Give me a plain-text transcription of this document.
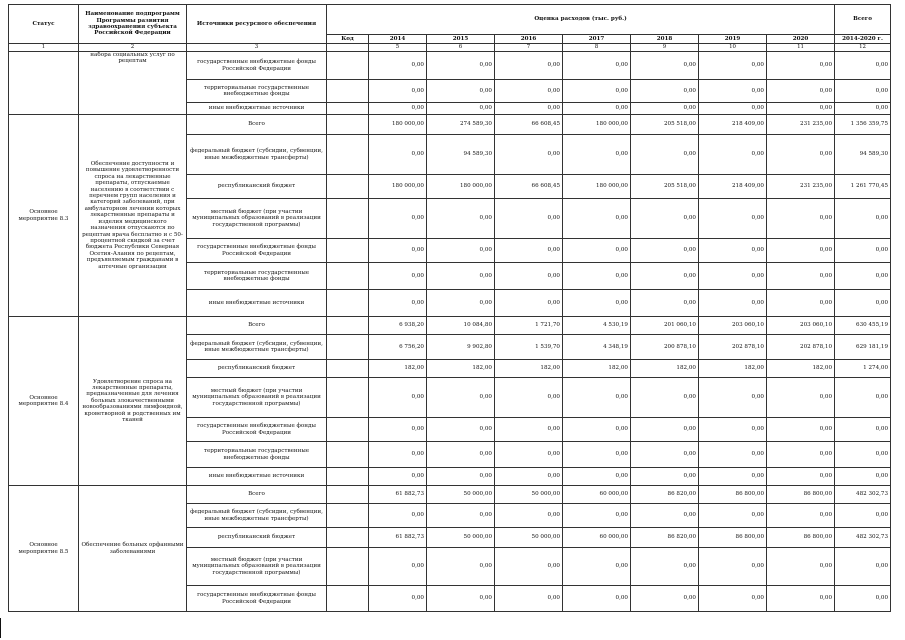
Статус	Наименование подпрограмм Программы развития здравоохранения субъекта Российской Федерации	Источники ресурсного обеспечения	Оценка расходов (тыс. руб.)								Всего
			Код	2014	2015	2016	2017	2018	2019	2020	2014-2020 г.
1	2	3		5	6	7	8	9	10	11	12
	набора социальных услуг по рецептам	государственные внебюджетные фонды Российской Федерации		0,00	0,00	0,00	0,00	0,00	0,00	0,00	0,00
		территориальные государственные внебюджетные фонды		0,00	0,00	0,00	0,00	0,00	0,00	0,00	0,00
		иные внебюджетные источники		0,00	0,00	0,00	0,00	0,00	0,00	0,00	0,00
Основное мероприятие 8.3	Обеспечение доступности и повышение удовлетворенности спроса на лекарственные препараты, отпускаемые населению в соответствии с перечнем групп населения и категорий заболеваний, при амбулаторном лечении которых лекарственные препараты и изделия медицинского назначения отпускаются по рецептам врача бесплатно и с 50-процентной скидкой за счет бюджета Республики Северная Осетия-Алания по рецептам, предъявляемым гражданами в аптечные организации	Всего		180 000,00	274 589,30	66 608,45	180 000,00	205 518,00	218 409,00	231 235,00	1 356 359,75
		федеральный бюджет (субсидии, субвенции, иные межбюджетные трансферты)		0,00	94 589,30	0,00	0,00	0,00	0,00	0,00	94 589,30
		республиканский бюджет		180 000,00	180 000,00	66 608,45	180 000,00	205 518,00	218 409,00	231 235,00	1 261 770,45
		местный бюджет (при участии муниципальных образований в реализации государственной программы)		0,00	0,00	0,00	0,00	0,00	0,00	0,00	0,00
		государственные внебюджетные фонды Российской Федерации		0,00	0,00	0,00	0,00	0,00	0,00	0,00	0,00
		территориальные государственные внебюджетные фонды		0,00	0,00	0,00	0,00	0,00	0,00	0,00	0,00
		иные внебюджетные источники		0,00	0,00	0,00	0,00	0,00	0,00	0,00	0,00
Основное мероприятие 8.4	Удовлетворение спроса на лекарственные препараты, предназначенные для лечения больных злокачественными новообразованиями лимфоидной, кроветворной и родственных им тканей	Всего		6 938,20	10 084,80	1 721,70	4 530,19	201 060,10	203 060,10	203 060,10	630 455,19
		федеральный бюджет (субсидии, субвенции, иные межбюджетные трансферты)		6 756,20	9 902,80	1 539,70	4 348,19	200 878,10	202 878,10	202 878,10	629 181,19
		республиканский бюджет		182,00	182,00	182,00	182,00	182,00	182,00	182,00	1 274,00
		местный бюджет (при участии муниципальных образований в реализации государственной программы)		0,00	0,00	0,00	0,00	0,00	0,00	0,00	0,00
		государственные внебюджетные фонды Российской Федерации		0,00	0,00	0,00	0,00	0,00	0,00	0,00	0,00
		территориальные государственные внебюджетные фонды		0,00	0,00	0,00	0,00	0,00	0,00	0,00	0,00
		иные внебюджетные источники		0,00	0,00	0,00	0,00	0,00	0,00	0,00	0,00
Основное мероприятие 8.5	Обеспечение больных орфанными заболеваниями	Всего		61 882,73	50 000,00	50 000,00	60 000,00	86 820,00	86 800,00	86 800,00	482 302,73
		федеральный бюджет (субсидии, субвенции, иные межбюджетные трансферты)		0,00	0,00	0,00	0,00	0,00	0,00	0,00	0,00
		республиканский бюджет		61 882,73	50 000,00	50 000,00	60 000,00	86 820,00	86 800,00	86 800,00	482 302,73
		местный бюджет (при участии муниципальных образований в реализации государственной программы)		0,00	0,00	0,00	0,00	0,00	0,00	0,00	0,00
		государственные внебюджетные фонды Российской Федерации		0,00	0,00	0,00	0,00	0,00	0,00	0,00	0,00
